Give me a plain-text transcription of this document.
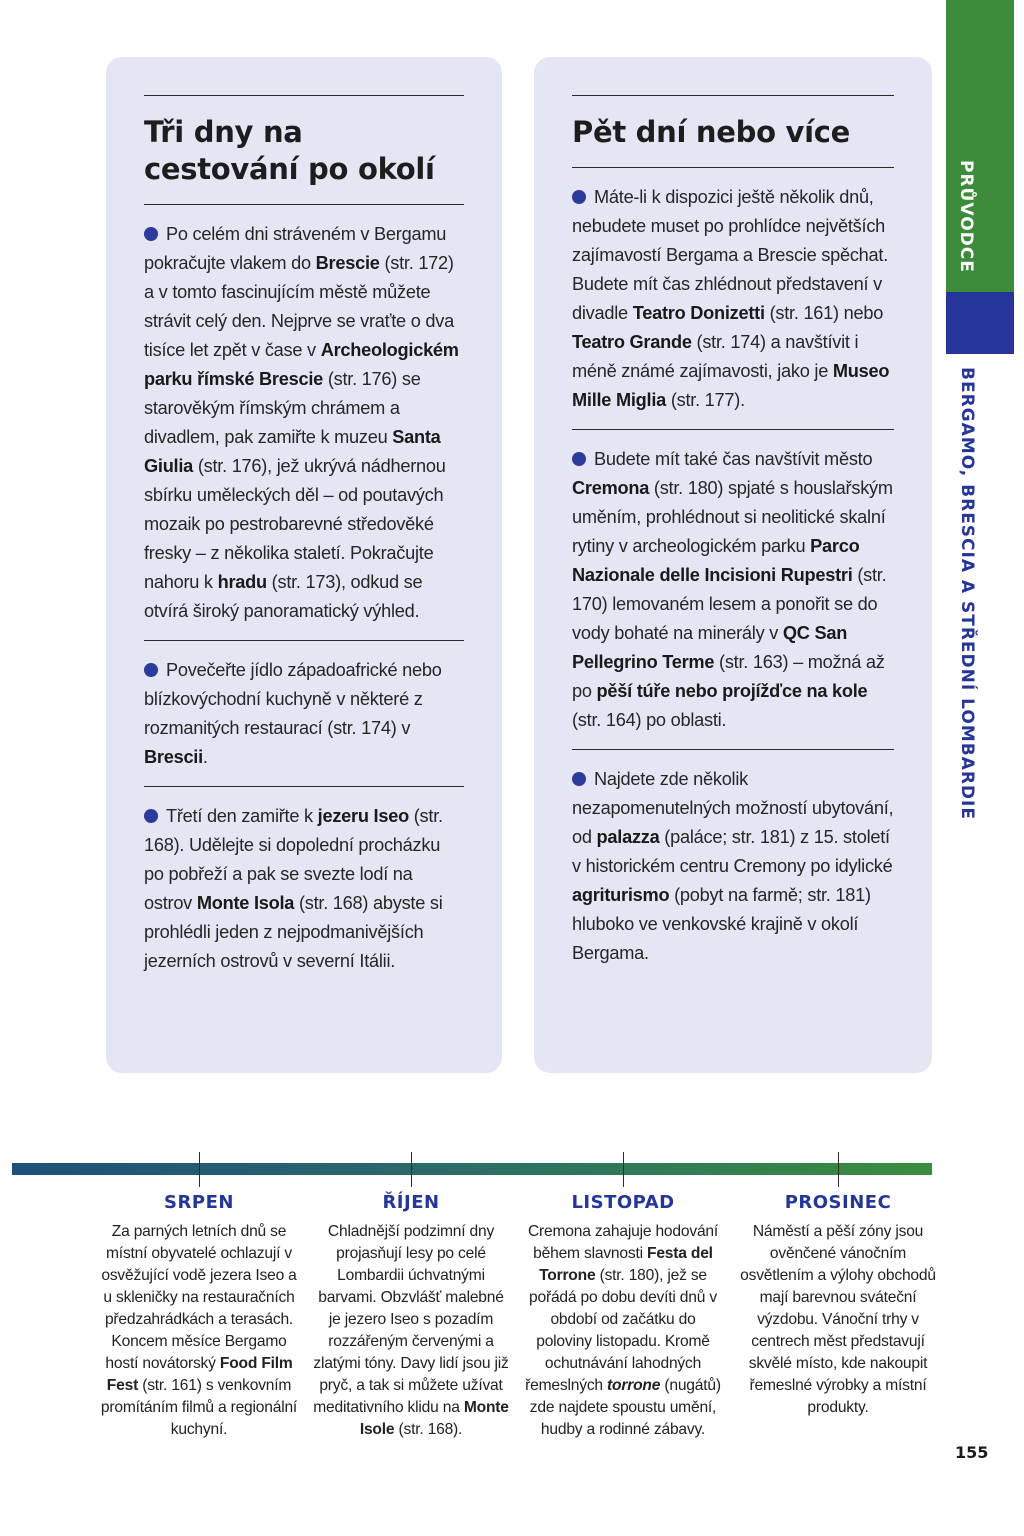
PRŮVODCE
BERGAMO, BRESCIA A STŘEDNÍ LOMBARDIE
Tři dny na cestování po okolí
Po celém dni stráveném v Bergamu pokračujte vlakem do Brescie (str. 172) a v tomto fascinujícím městě můžete strávit celý den. Nejprve se vraťte o dva tisíce let zpět v čase v Archeologickém parku římské Brescie (str. 176) se starověkým římským chrámem a divadlem, pak zamiřte k muzeu Santa Giulia (str. 176), jež ukrývá nádhernou sbírku uměleckých děl – od poutavých mozaik po pestrobarevné středověké fresky – z několika staletí. Pokračujte nahoru k hradu (str. 173), odkud se otvírá široký panoramatický výhled.
Povečeřte jídlo západoafrické nebo blízkovýchodní kuchyně v některé z rozmanitých restaurací (str. 174) v Brescii.
Třetí den zamiřte k jezeru Iseo (str. 168). Udělejte si dopolední procházku po pobřeží a pak se svezte lodí na ostrov Monte Isola (str. 168) abyste si prohlédli jeden z nejpodmanivějších jezerních ostrovů v severní Itálii.
Pět dní nebo více
Máte-li k dispozici ještě několik dnů, nebudete muset po prohlídce největších zajímavostí Bergama a Brescie spěchat. Budete mít čas zhlédnout představení v divadle Teatro Donizetti (str. 161) nebo Teatro Grande (str. 174) a navštívit i méně známé zajímavosti, jako je Museo Mille Miglia (str. 177).
Budete mít také čas navštívit město Cremona (str. 180) spjaté s houslařským uměním, prohlédnout si neolitické skalní rytiny v archeologickém parku Parco Nazionale delle Incisioni Rupestri (str. 170) lemovaném lesem a ponořit se do vody bohaté na minerály v QC San Pellegrino Terme (str. 163) – možná až po pěší túře nebo projížďce na kole (str. 164) po oblasti.
Najdete zde několik nezapomenutelných možností ubytování, od palazza (paláce; str. 181) z 15. století v historickém centru Cremony po idylické agriturismo (pobyt na farmě; str. 181) hluboko ve venkovské krajině v okolí Bergama.
SRPEN
Za parných letních dnů se místní obyvatelé ochlazují v osvěžující vodě jezera Iseo a u skleničky na restauračních předzahrádkách a terasách. Koncem měsíce Bergamo hostí novátorský Food Film Fest (str. 161) s venkovním promítáním filmů a regionální kuchyní.
ŘÍJEN
Chladnější podzimní dny projasňují lesy po celé Lombardii úchvatnými barvami. Obzvlášť malebné je jezero Iseo s pozadím rozzářeným červenými a zlatými tóny. Davy lidí jsou již pryč, a tak si můžete užívat meditativního klidu na Monte Isole (str. 168).
LISTOPAD
Cremona zahajuje hodování během slavnosti Festa del Torrone (str. 180), jež se pořádá po dobu devíti dnů v období od začátku do poloviny listopadu. Kromě ochutnávání lahodných řemeslných torrone (nugátů) zde najdete spoustu umění, hudby a rodinné zábavy.
PROSINEC
Náměstí a pěší zóny jsou ověnčené vánočním osvětlením a výlohy obchodů mají barevnou sváteční výzdobu. Vánoční trhy v centrech měst představují skvělé místo, kde nakoupit řemeslné výrobky a místní produkty.
155
